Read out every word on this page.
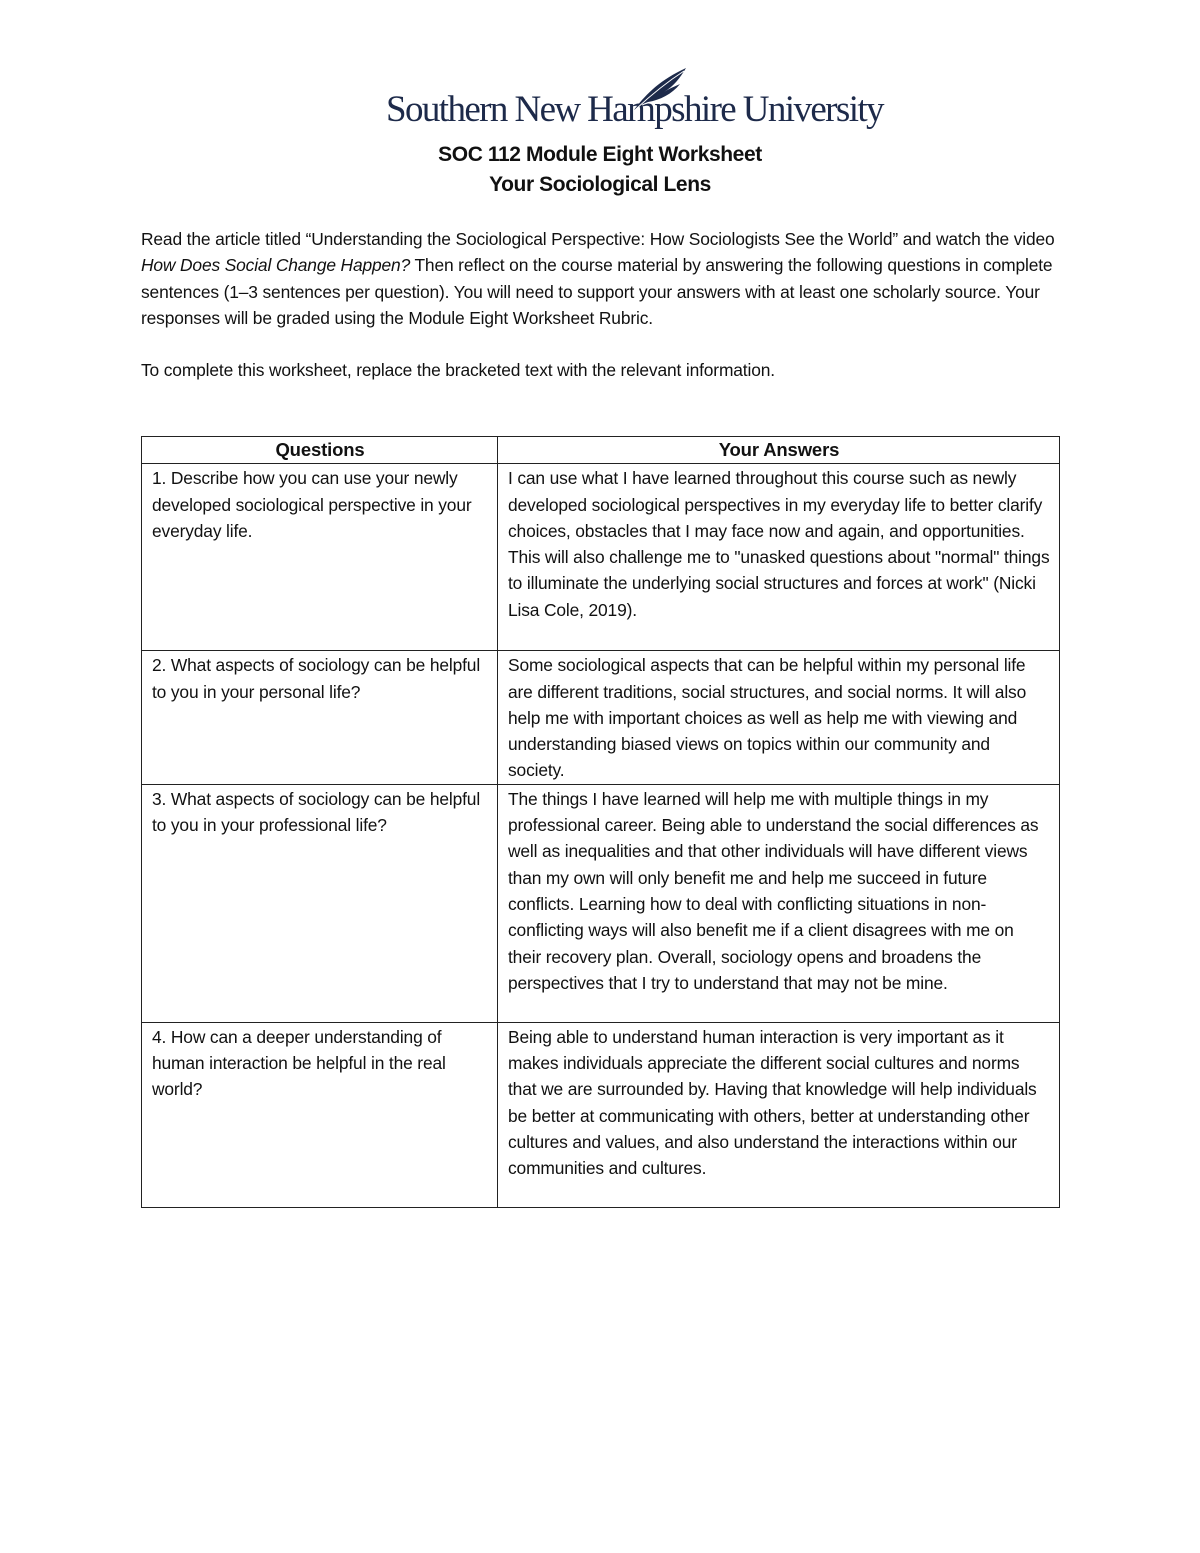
Southern New Hampshire University
SOC 112 Module Eight Worksheet
Your Sociological Lens

Read the article titled “Understanding the Sociological Perspective: How Sociologists See the World” and watch the video How Does Social Change Happen? Then reflect on the course material by answering the following questions in complete sentences (1–3 sentences per question). You will need to support your answers with at least one scholarly source. Your responses will be graded using the Module Eight Worksheet Rubric.

To complete this worksheet, replace the bracketed text with the relevant information.

Questions	Your Answers
1. Describe how you can use your newly developed sociological perspective in your everyday life.	I can use what I have learned throughout this course such as newly developed sociological perspectives in my everyday life to better clarify choices, obstacles that I may face now and again, and opportunities. This will also challenge me to "unasked questions about "normal" things to illuminate the underlying social structures and forces at work" (Nicki Lisa Cole, 2019).
2. What aspects of sociology can be helpful to you in your personal life?	Some sociological aspects that can be helpful within my personal life are different traditions, social structures, and social norms. It will also help me with important choices as well as help me with viewing and understanding biased views on topics within our community and society.
3. What aspects of sociology can be helpful to you in your professional life?	The things I have learned will help me with multiple things in my professional career. Being able to understand the social differences as well as inequalities and that other individuals will have different views than my own will only benefit me and help me succeed in future conflicts. Learning how to deal with conflicting situations in non-conflicting ways will also benefit me if a client disagrees with me on their recovery plan. Overall, sociology opens and broadens the perspectives that I try to understand that may not be mine.
4. How can a deeper understanding of human interaction be helpful in the real world?	Being able to understand human interaction is very important as it makes individuals appreciate the different social cultures and norms that we are surrounded by. Having that knowledge will help individuals be better at communicating with others, better at understanding other cultures and values, and also understand the interactions within our communities and cultures.
